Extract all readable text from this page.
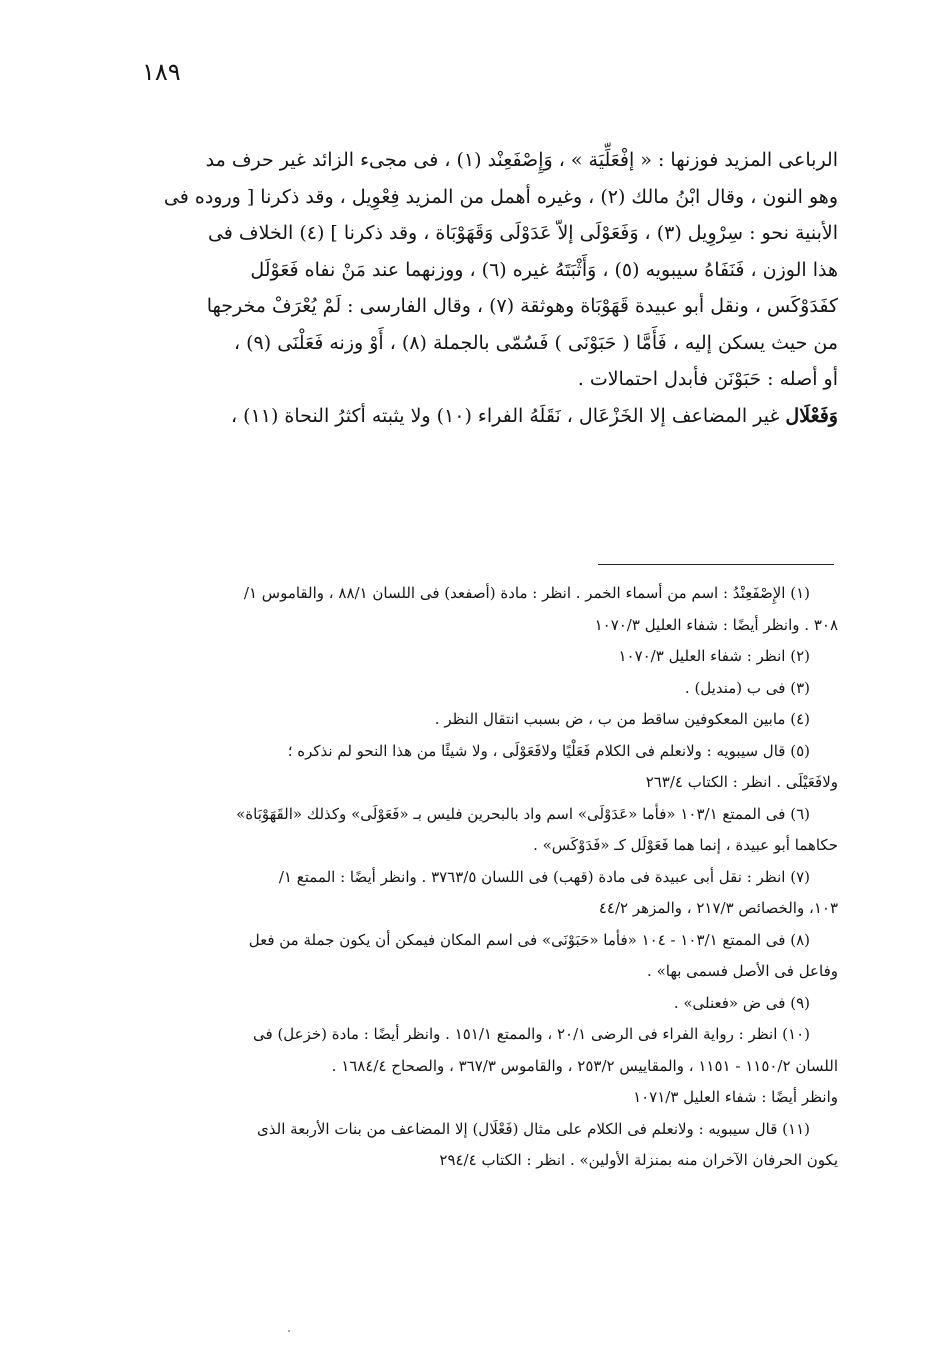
١٨٩
الرباعى المزيد فوزنها : « إفْعَلِّيَة » ، وَإِصْفَعِنْد (١) ، فى مجىء الزائد غير حرف مد
وهو النون ، وقال ابْنُ مالك (٢) ، وغيره أهمل من المزيد فِعْوِيل ، وقد ذكرنا [ وروده فى
الأبنية نحو : سِرْوِيل (٣) ، وَفَعَوْلَى إلاّ عَدَوْلَى وَقَهَوْبَاة ، وقد ذكرنا ] (٤) الخلاف فى
هذا الوزن ، فَنَفَاهُ سيبويه (٥) ، وَأَثْبَتَهُ غيره (٦) ، ووزنهما عند مَنْ نفاه فَعَوْلَل
كفَدَوْكَس ، ونقل أبو عبيدة قَهَوْبَاة وهوثقة (٧) ، وقال الفارسى : لَمْ يُعْرَفْ مخرجها
من حيث يسكن إليه ، فَأَمَّا ( حَبَوْنَى ) فَسُمّى بالجملة (٨) ، أَوْ وزنه فَعَلْنَى (٩) ،
أو أصله : حَبَوْنَن فأبدل احتمالات .
وَفَعْلَال غير المضاعف إلا الخَزْعَال ، نَقَلَهُ الفراء (١٠) ولا يثبته أكثرُ النحاة (١١) ،
(١) الإِصْفَعِنْدُ : اسم من أسماء الخمر . انظر : مادة (أصفعد) فى اللسان ٨٨/١ ، والقاموس ١/
٣٠٨ . وانظر أيضًا : شفاء العليل ١٠٧٠/٣
(٢) انظر : شفاء العليل ١٠٧٠/٣
(٣) فى ب (منديل) .
(٤) مابين المعكوفين ساقط من ب ، ض بسبب انتقال النظر .
(٥) قال سيبويه : ولانعلم فى الكلام فَعَلْيًا ولافَعَوْلَى ، ولا شيئًا من هذا النحو لم نذكره ؛
ولافَعَيْلَى . انظر : الكتاب ٢٦٣/٤
(٦) فى الممتع ١٠٣/١ «فأما «عَدَوْلَى» اسم واد بالبحرين فليس بـ «فَعَوْلَى» وكذلك «القَهَوْبَاة»
حكاهما أبو عبيدة ، إنما هما فَعَوْلَل كـ «فَدَوْكَس» .
(٧) انظر : نقل أبى عبيدة فى مادة (قهب) فى اللسان ٣٧٦٣/٥ . وانظر أيضًا : الممتع ١/
١٠٣، والخصائص ٢١٧/٣ ، والمزهر ٤٤/٢
(٨) فى الممتع ١٠٣/١ - ١٠٤ «فأما «حَبَوْنَى» فى اسم المكان فيمكن أن يكون جملة من فعل
وفاعل فى الأصل فسمى بها» .
(٩) فى ض «فعنلى» .
(١٠) انظر : رواية الفراء فى الرضى ٢٠/١ ، والممتع ١٥١/١ . وانظر أيضًا : مادة (خزعل) فى
اللسان ١١٥٠/٢ - ١١٥١ ، والمقاييس ٢٥٣/٢ ، والقاموس ٣٦٧/٣ ، والصحاح ١٦٨٤/٤ .
وانظر أيضًا : شفاء العليل ١٠٧١/٣
(١١) قال سيبويه : ولانعلم فى الكلام على مثال (فَعْلَال) إلا المضاعف من بنات الأربعة الذى
يكون الحرفان الآخران منه بمنزلة الأولين» . انظر : الكتاب ٢٩٤/٤
